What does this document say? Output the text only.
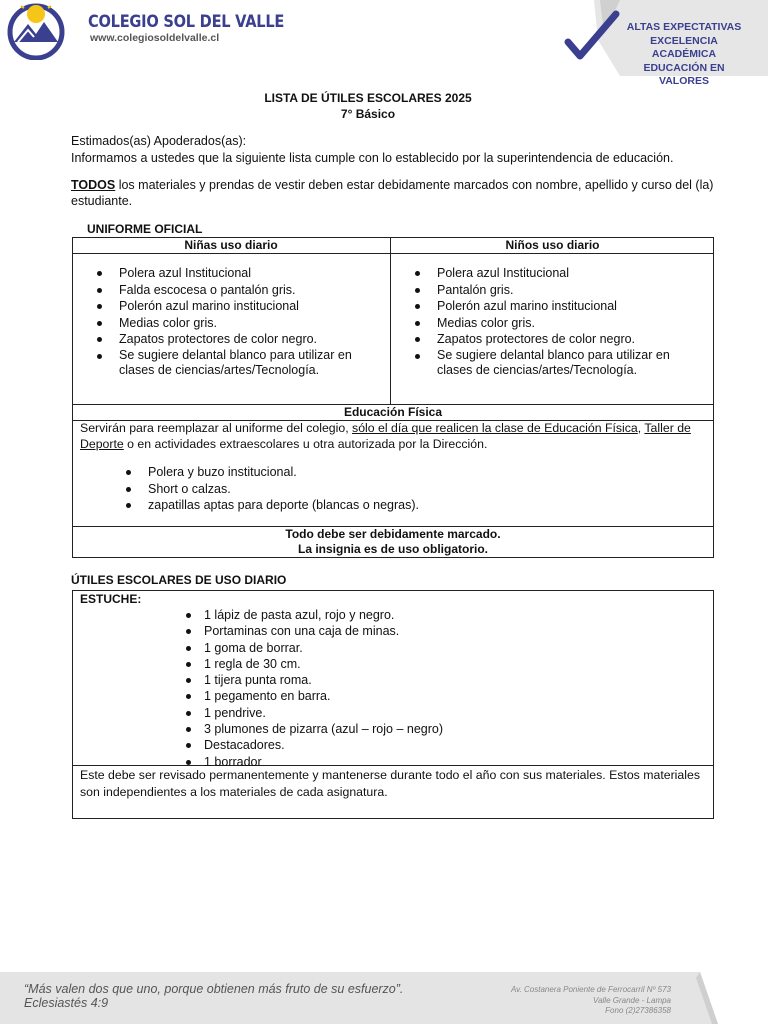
COLEGIO SOL DEL VALLE
www.colegiosoldelvalle.cl
ALTAS EXPECTATIVAS
EXCELENCIA ACADÉMICA
EDUCACIÓN EN VALORES
LISTA DE ÚTILES ESCOLARES 2025
7° Básico
Estimados(as) Apoderados(as):
Informamos a ustedes que la siguiente lista cumple con lo establecido por la superintendencia de educación.
TODOS los materiales y prendas de vestir deben estar debidamente marcados con nombre, apellido y curso del (la)
estudiante.
UNIFORME OFICIAL
Niñas uso diario	Niños uso diario
Polera azul Institucional
Falda escocesa o pantalón gris.
Polerón azul marino institucional
Medias color gris.
Zapatos protectores de color negro.
Se sugiere delantal blanco para utilizar en clases de ciencias/artes/Tecnología.
Polera azul Institucional
Pantalón gris.
Polerón azul marino institucional
Medias color gris.
Zapatos protectores de color negro.
Se sugiere delantal blanco para utilizar en clases de ciencias/artes/Tecnología.
Educación Física
Servirán para reemplazar al uniforme del colegio, sólo el día que realicen la clase de Educación Física, Taller de
Deporte o en actividades extraescolares u otra autorizada por la Dirección.
Polera y buzo institucional.
Short o calzas.
zapatillas aptas para deporte (blancas o negras).
Todo debe ser debidamente marcado.
La insignia es de uso obligatorio.
ÚTILES ESCOLARES DE USO DIARIO
ESTUCHE:
1 lápiz de pasta azul, rojo y negro.
Portaminas con una caja de minas.
1 goma de borrar.
1 regla de 30 cm.
1 tijera punta roma.
1 pegamento en barra.
1 pendrive.
3 plumones de pizarra (azul – rojo – negro)
Destacadores.
1 borrador
Este debe ser revisado permanentemente y mantenerse durante todo el año con sus materiales. Estos materiales
son independientes a los materiales de cada asignatura.
“Más valen dos que uno, porque obtienen más fruto de su esfuerzo”.
Eclesiastés 4:9
Av. Costanera Poniente de Ferrocarril Nº 573
Valle Grande - Lampa
Fono (2)27386358
